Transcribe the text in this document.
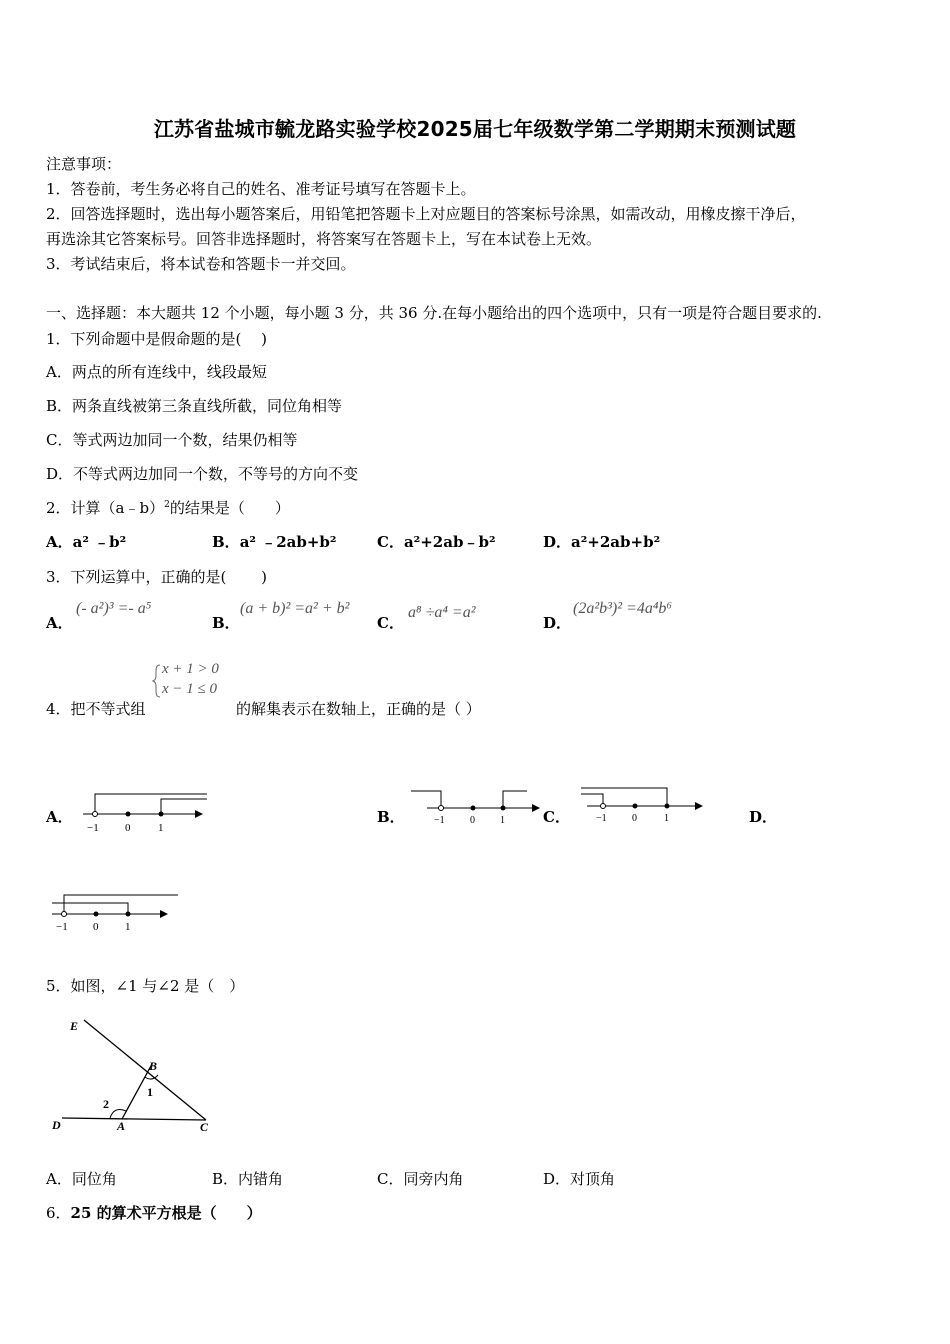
江苏省盐城市毓龙路实验学校2025届七年级数学第二学期期末预测试题
注意事项：
1．答卷前，考生务必将自己的姓名、准考证号填写在答题卡上。
2．回答选择题时，选出每小题答案后，用铅笔把答题卡上对应题目的答案标号涂黑，如需改动，用橡皮擦干净后，
再选涂其它答案标号。回答非选择题时，将答案写在答题卡上，写在本试卷上无效。
3．考试结束后，将本试卷和答题卡一并交回。
一、选择题：本大题共 12 个小题，每小题 3 分，共 36 分.在每小题给出的四个选项中，只有一项是符合题目要求的.
1．下列命题中是假命题的是(　 )
A．两点的所有连线中，线段最短
B．两条直线被第三条直线所截，同位角相等
C．等式两边加同一个数，结果仍相等
D．不等式两边加同一个数，不等号的方向不变
2．计算（a﹣b）$^2$的结果是（　　）
A．a² ﹣b²	B．a² ﹣2ab+b²	C．a²+2ab﹣b²	D．a²+2ab+b²
3．下列运算中，正确的是(　　 )
A．
(- a²)³ =- a⁵
B．
(a + b)² =a² + b²
C．
a⁸ ÷a⁴ =a²
D．
(2a²b³)² =4a⁴b⁶
4．把不等式组
x + 1 > 0
x − 1 ≤ 0
的解集表示在数轴上，正确的是（ ）
A．
−1 0	1
B．	−1	0	1	C．	−1	0	1	D．
−1 0 1
5．如图，∠1 与∠2 是（　）
E
B
1
2
D	A	C
A．同位角	B．内错角	C．同旁内角	D．对顶角
6．25 的算术平方根是（　　）
